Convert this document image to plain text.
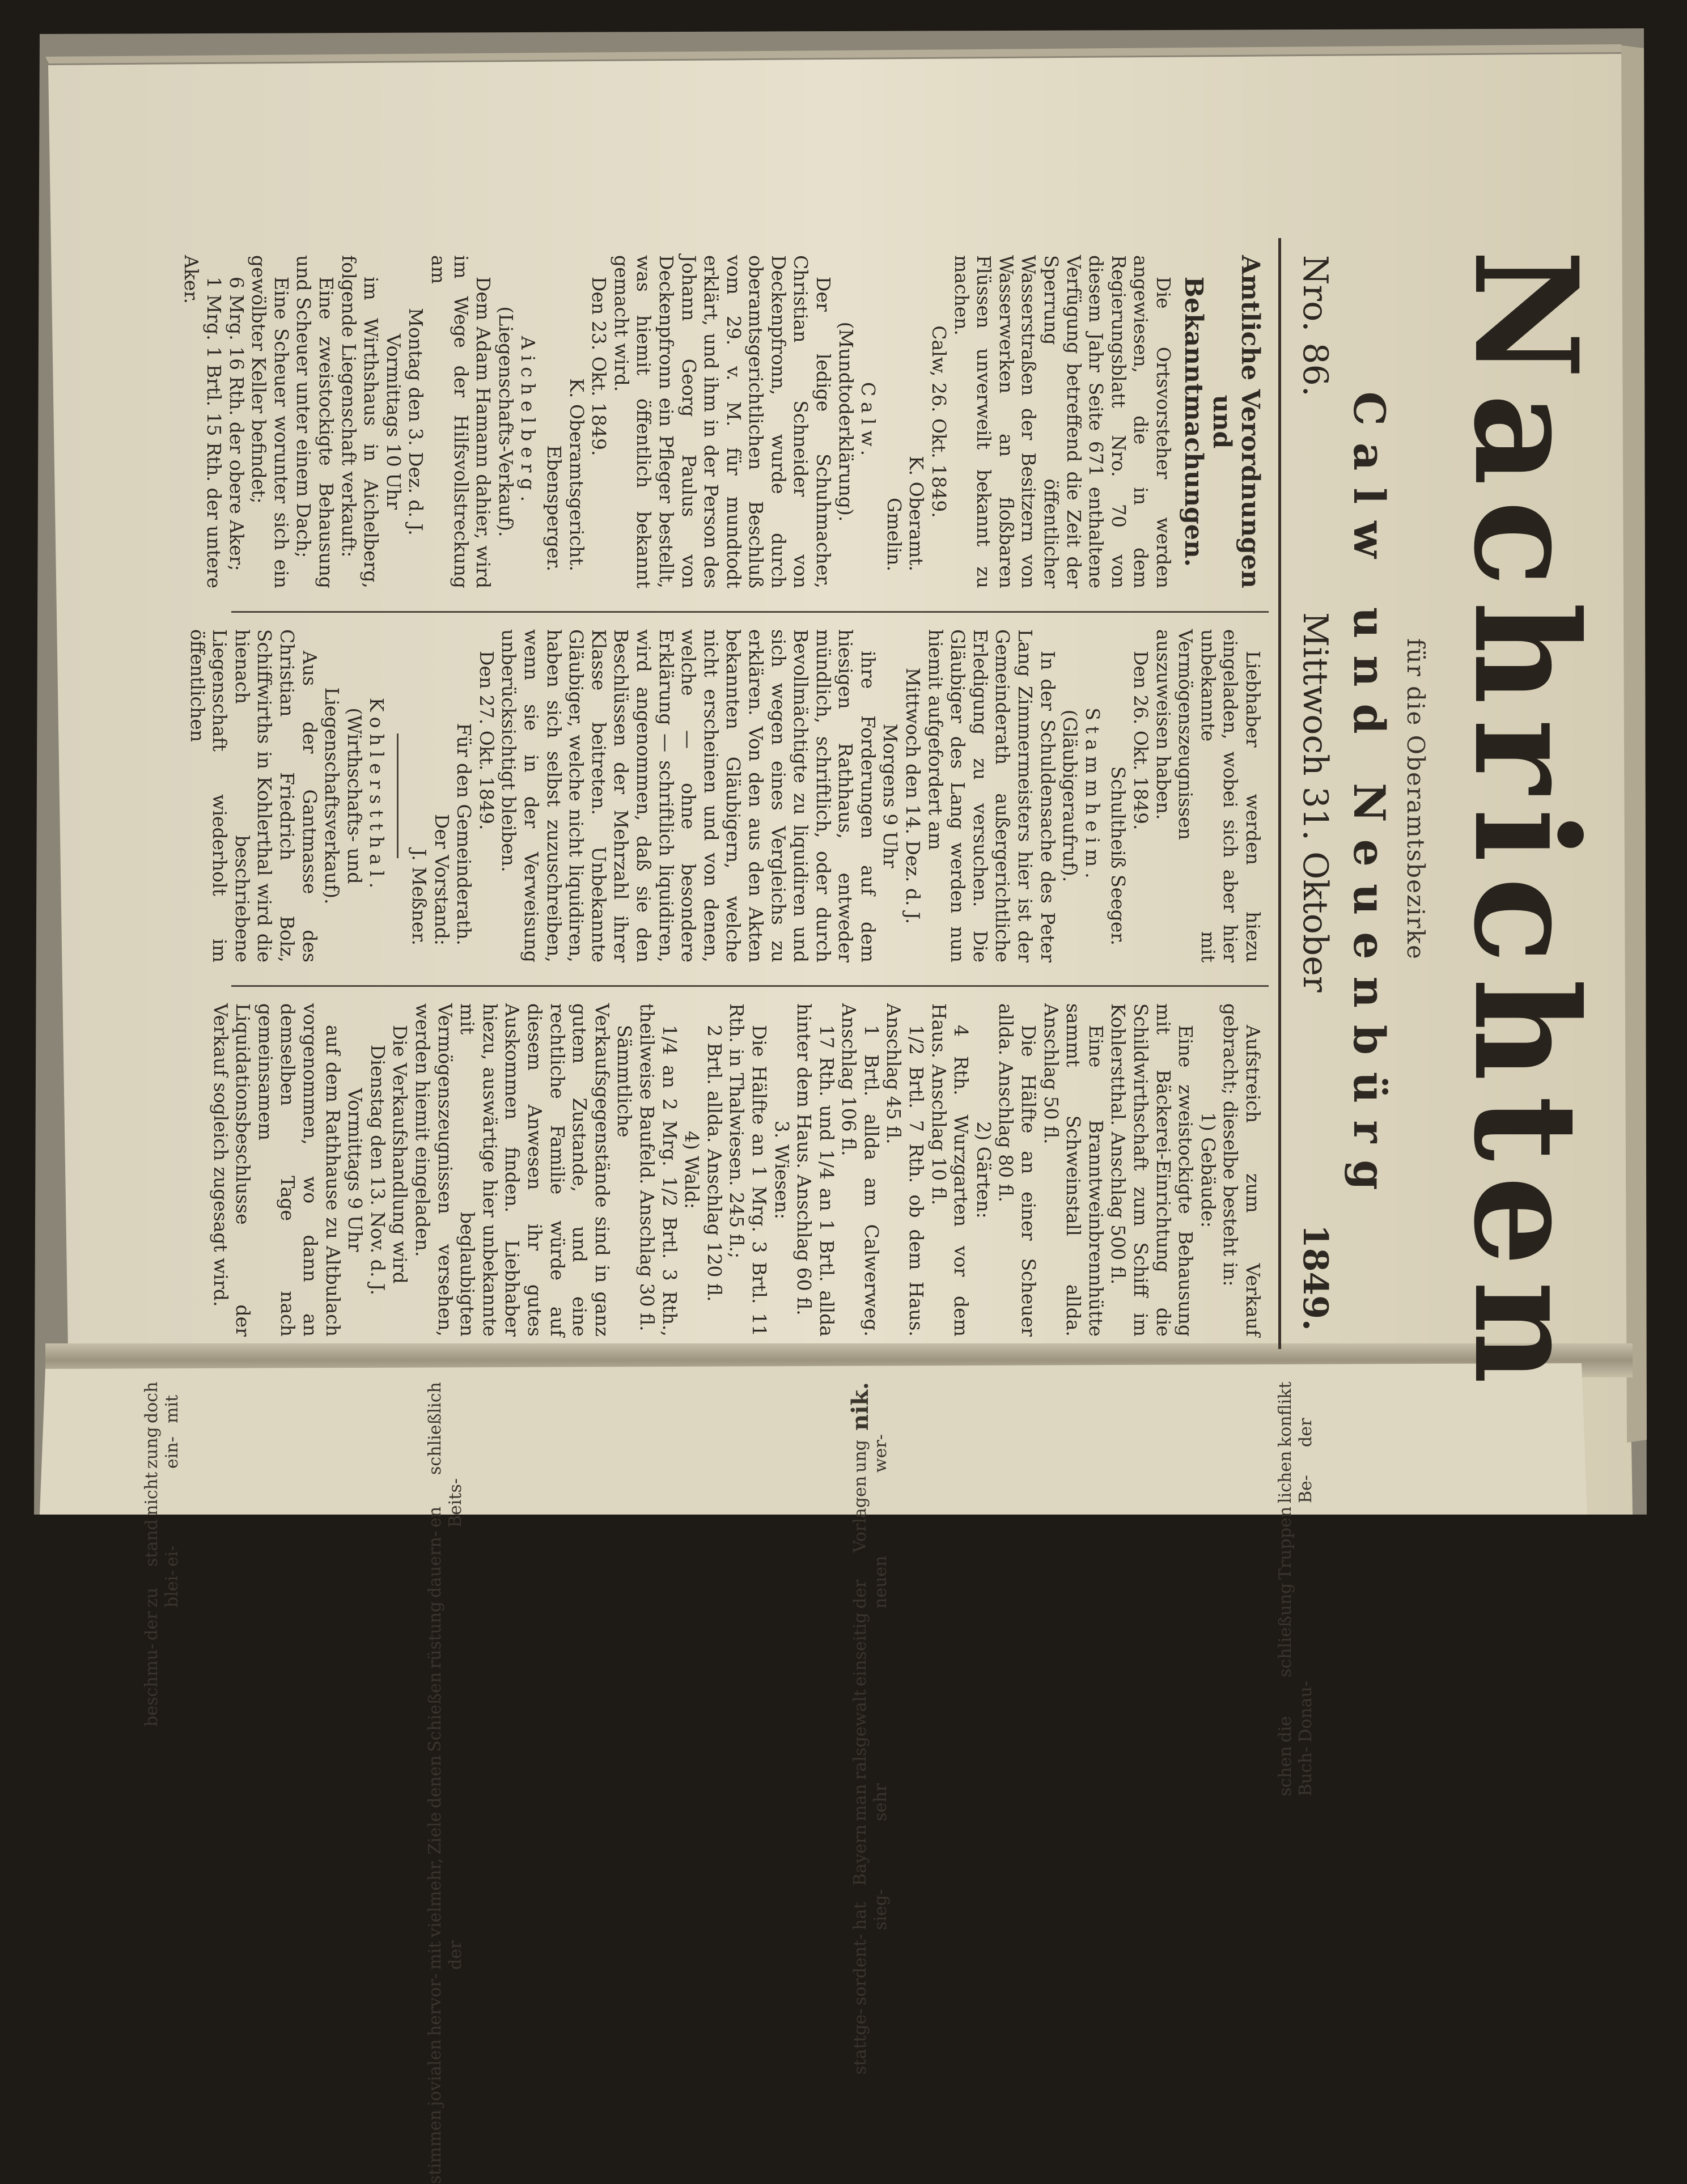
doch mit
zung ein-
nicht
stand ei-
zu blei-
der
beschmu-
schließlich
en Beits-
dauern-
rüstung
Schießen
denen
Ziele
vielmehr,
mit der
hervor-
jovialen
stimmen
nik.
ung wer-
Vorlagen
der neuen
einseitig
ralsgewalt
man sehr
Bayern
hat sieg-
sordent-
stattge-
konflikt der
lichen Be-
Truppen
schließung
die Donau-
schen Buch-
Nachrichten
für die Oberamtsbezirke
Calw und Neuenbürg
Nro. 86.
Mittwoch 31. Oktober
1849.
Amtliche Verordnungen und Bekanntmachungen.

Die Ortsvorsteher werden angewiesen, die in dem Regierungsblatt Nro. 70 von diesem Jahr Seite 671 enthaltene Verfügung betreffend die Zeit der Sperrung öffentlicher Wasserstraßen der Besitzern von Wasserwerken an floßbaren Flüssen unverweilt bekannt zu machen.

Calw, 26. Okt. 1849.

K. Oberamt.

Gmelin.

Calw.

(Mundtoderklärung).

Der ledige Schuhmacher, Christian Schneider von Deckenpfronn, wurde durch oberamtsgerichtlichen Beschluß vom 29. v. M. für mundtodt erklärt, und ihm in der Person des Johann Georg Paulus von Deckenpfronn ein Pfleger bestellt, was hiemit öffentlich bekannt gemacht wird.

Den 23. Okt. 1849.

K. Oberamtsgericht.

Ebensperger.

Aichelberg.

(Liegenschafts-Verkauf).

Dem Adam Hamann dahier, wird im Wege der Hilfsvollstreckung am

Montag den 3. Dez. d. J.

Vormittags 10 Uhr

im Wirthshaus in Aichelberg, folgende Liegenschaft verkauft:

Eine zweistockigte Behausung und Scheuer unter einem Dach;

Eine Scheuer worunter sich ein gewölbter Keller befindet;

6 Mrg. 16 Rth. der obere Aker;

1 Mrg. 1 Brtl. 15 Rth. der untere Aker.

Liebhaber werden hiezu eingeladen, wobei sich aber hier unbekannte mit Vermögenszeugnissen auszuweisen haben.

Den 26. Okt. 1849.

Schultheiß Seeger.

Stammheim.

(Gläubigeraufruf).

In der Schuldensache des Peter Lang Zimmermeisters hier ist der Gemeinderath außergerichtliche Erledigung zu versuchen. Die Gläubiger des Lang werden nun hiemit aufgefordert am

Mittwoch den 14. Dez. d. J.

Morgens 9 Uhr

ihre Forderungen auf dem hiesigen Rathhaus, entweder mündlich, schriftlich, oder durch Bevollmächtigte zu liquidiren und sich wegen eines Vergleichs zu erklären. Von den aus den Akten bekannten Gläubigern, welche nicht erscheinen und von denen, welche — ohne besondere Erklärung — schriftlich liquidiren, wird angenommen, daß sie den Beschlüssen der Mehrzahl ihrer Klasse beitreten. Unbekannte Gläubiger, welche nicht liquidiren, haben sich selbst zuzuschreiben, wenn sie in der Verweisung unberücksichtigt bleiben.

Den 27. Okt. 1849.

Für den Gemeinderath.

Der Vorstand:

J. Meßner.

Kohlerstthal.

(Wirthschafts- und Liegenschaftsverkauf).

Aus der Gantmasse des Christian Friedrich Bolz, Schiffwirths in Kohlerthal wird die hienach beschriebene Liegenschaft wiederholt im öffentlichen

Aufstreich zum Verkauf gebracht; dieselbe besteht in:

1) Gebäude:

Eine zweistockigte Behausung mit Bäckerei-Einrichtung die Schildwirthschaft zum Schiff im Kohlerstthal. Anschlag 500 fl.

Eine Branntweinbrennhütte sammt Schweinstall allda. Anschlag 50 fl.

Die Hälfte an einer Scheuer allda. Anschlag 80 fl.

2) Gärten:

4 Rth. Wurzgarten vor dem Haus. Anschlag 10 fl.

1/2 Brtl. 7 Rth. ob dem Haus. Anschlag 45 fl.

1 Brtl. allda am Calwerweg. Anschlag 106 fl.

17 Rth. und 1/4 an 1 Brtl. allda hinter dem Haus. Anschlag 60 fl.

3. Wiesen:

Die Hälfte an 1 Mrg. 3 Brtl. 11 Rth. in Thalwiesen. 245 fl.;

2 Brtl. allda. Anschlag 120 fl.

4) Wald:

1/4 an 2 Mrg. 1/2 Brtl. 3 Rth., theilweise Baufeld. Anschlag 30 fl.

Sämmtliche Verkaufsgegenstände sind in ganz gutem Zustande, und eine rechtliche Familie würde auf diesem Anwesen ihr gutes Auskommen finden. Liebhaber hiezu, auswärtige hier unbekannte mit beglaubigten Vermögenszeugnissen versehen, werden hiemit eingeladen.

Die Verkaufshandlung wird

Dienstag den 13. Nov. d. J.

Vormittags 9 Uhr

auf dem Rathhause zu Altbulach vorgenommen, wo dann an demselben Tage nach gemeinsamem Liquidationsbeschlusse der Verkauf sogleich zugesagt wird.
